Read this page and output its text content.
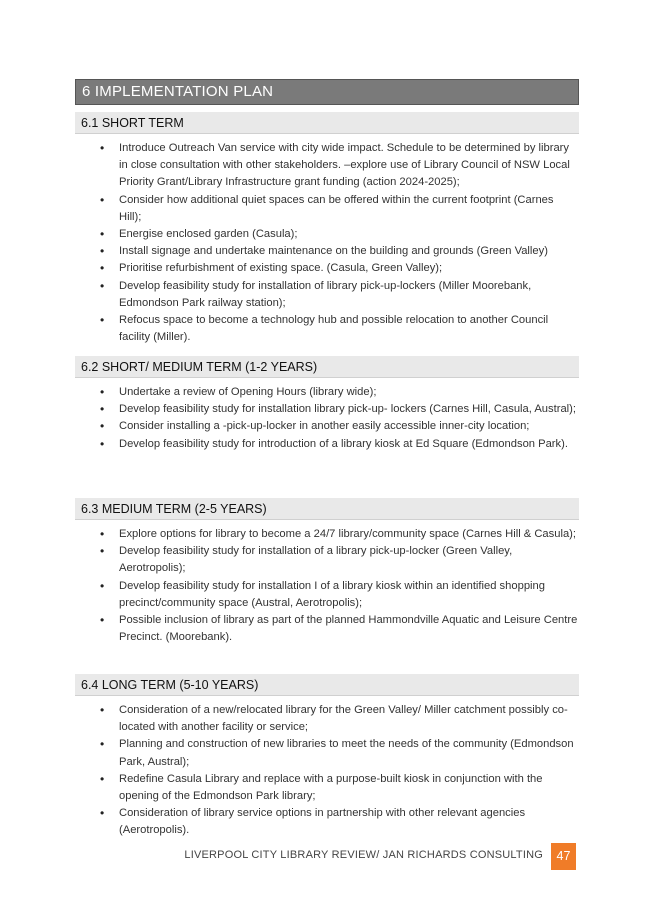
6 IMPLEMENTATION PLAN
6.1 SHORT TERM
• Introduce Outreach Van service with city wide impact. Schedule to be determined by library in close consultation with other stakeholders. –explore use of Library Council of NSW Local Priority Grant/Library Infrastructure grant funding (action 2024-2025);
• Consider how additional quiet spaces can be offered within the current footprint (Carnes Hill);
• Energise enclosed garden (Casula);
• Install signage and undertake maintenance on the building and grounds (Green Valley)
• Prioritise refurbishment of existing space. (Casula, Green Valley);
• Develop feasibility study for installation of library pick-up-lockers (Miller Moorebank, Edmondson Park railway station);
• Refocus space to become a technology hub and possible relocation to another Council facility (Miller).
6.2 SHORT/ MEDIUM TERM (1-2 YEARS)
• Undertake a review of Opening Hours (library wide);
• Develop feasibility study for installation library pick-up- lockers (Carnes Hill, Casula, Austral);
• Consider installing a -pick-up-locker in another easily accessible inner-city location;
• Develop feasibility study for introduction of a library kiosk at Ed Square (Edmondson Park).
6.3 MEDIUM TERM (2-5 YEARS)
• Explore options for library to become a 24/7 library/community space (Carnes Hill & Casula);
• Develop feasibility study for installation of a library pick-up-locker (Green Valley, Aerotropolis);
• Develop feasibility study for installation I of a library kiosk within an identified shopping precinct/community space (Austral, Aerotropolis);
• Possible inclusion of library as part of the planned Hammondville Aquatic and Leisure Centre Precinct. (Moorebank).
6.4 LONG TERM (5-10 YEARS)
• Consideration of a new/relocated library for the Green Valley/ Miller catchment possibly co-located with another facility or service;
• Planning and construction of new libraries to meet the needs of the community (Edmondson Park, Austral);
• Redefine Casula Library and replace with a purpose-built kiosk in conjunction with the opening of the Edmondson Park library;
• Consideration of library service options in partnership with other relevant agencies (Aerotropolis).
LIVERPOOL CITY LIBRARY REVIEW/ JAN RICHARDS CONSULTING	47
